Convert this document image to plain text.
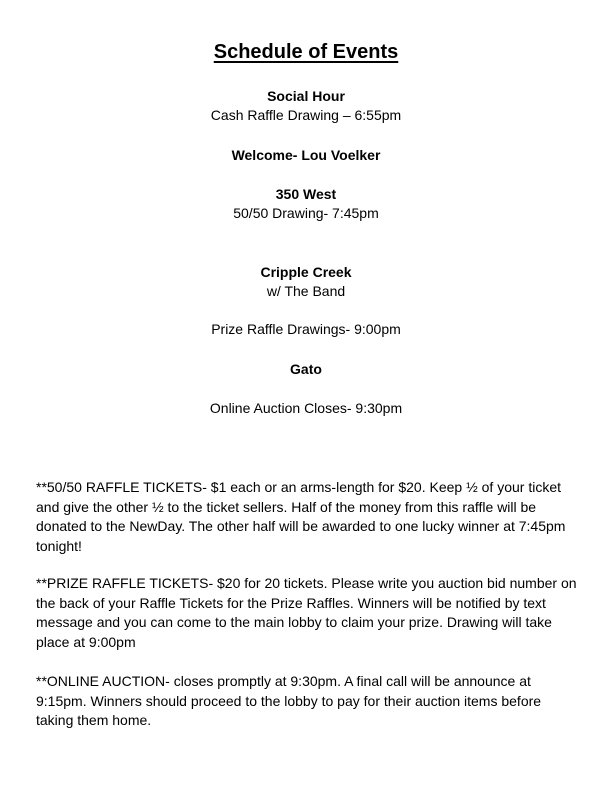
Schedule of Events
Social Hour
Cash Raffle Drawing – 6:55pm
Welcome- Lou Voelker
350 West
50/50 Drawing- 7:45pm
Cripple Creek
w/ The Band
Prize Raffle Drawings- 9:00pm
Gato
Online Auction Closes- 9:30pm
**50/50 RAFFLE TICKETS- $1 each or an arms-length for $20. Keep ½ of your ticket and give the other ½ to the ticket sellers. Half of the money from this raffle will be donated to the NewDay. The other half will be awarded to one lucky winner at 7:45pm tonight!
**PRIZE RAFFLE TICKETS- $20 for 20 tickets. Please write you auction bid number on the back of your Raffle Tickets for the Prize Raffles. Winners will be notified by text message and you can come to the main lobby to claim your prize. Drawing will take place at 9:00pm
**ONLINE AUCTION- closes promptly at 9:30pm. A final call will be announce at 9:15pm. Winners should proceed to the lobby to pay for their auction items before taking them home.
